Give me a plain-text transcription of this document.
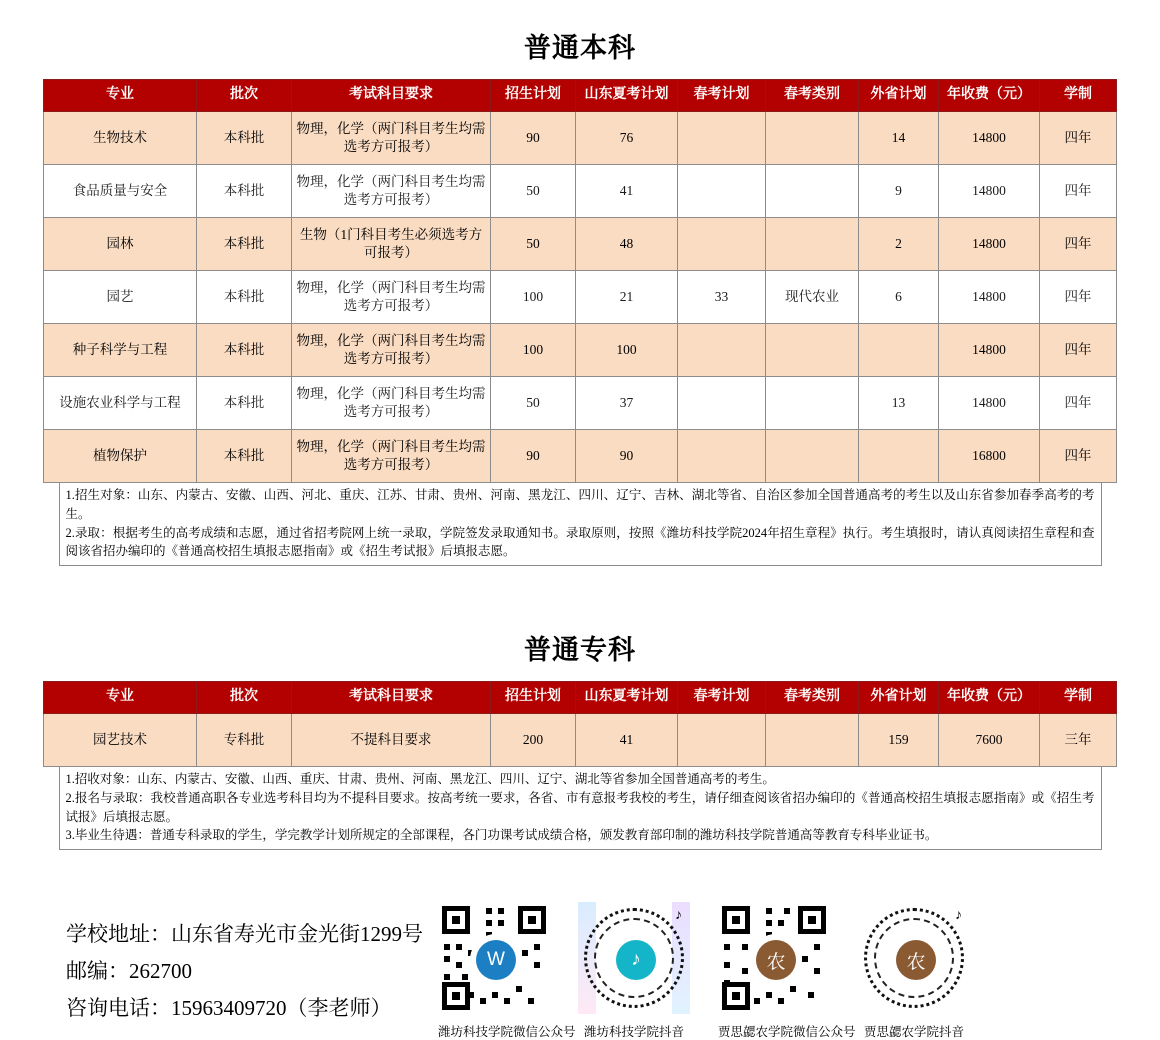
普通本科
专业	批次	考试科目要求	招生计划	山东夏考计划	春考计划	春考类别	外省计划	年收费（元）	学制
生物技术	本科批	物理，化学（两门科目考生均需选考方可报考）	90	76			14	14800	四年
食品质量与安全	本科批	物理，化学（两门科目考生均需选考方可报考）	50	41			9	14800	四年
园林	本科批	生物（1门科目考生必须选考方可报考）	50	48			2	14800	四年
园艺	本科批	物理，化学（两门科目考生均需选考方可报考）	100	21	33	现代农业	6	14800	四年
种子科学与工程	本科批	物理，化学（两门科目考生均需选考方可报考）	100	100				14800	四年
设施农业科学与工程	本科批	物理，化学（两门科目考生均需选考方可报考）	50	37			13	14800	四年
植物保护	本科批	物理，化学（两门科目考生均需选考方可报考）	90	90				16800	四年

1.招生对象：山东、内蒙古、安徽、山西、河北、重庆、江苏、甘肃、贵州、河南、黑龙江、四川、辽宁、吉林、湖北等省、自治区参加全国普通高考的考生以及山东省参加春季高考的考生。

2.录取：根据考生的高考成绩和志愿，通过省招考院网上统一录取，学院签发录取通知书。录取原则，按照《潍坊科技学院2024年招生章程》执行。考生填报时，请认真阅读招生章程和查阅该省招办编印的《普通高校招生填报志愿指南》或《招生考试报》后填报志愿。

普通专科
专业	批次	考试科目要求	招生计划	山东夏考计划	春考计划	春考类别	外省计划	年收费（元）	学制
园艺技术	专科批	不提科目要求	200	41			159	7600	三年

1.招收对象：山东、内蒙古、安徽、山西、重庆、甘肃、贵州、河南、黑龙江、四川、辽宁、湖北等省参加全国普通高考的考生。

2.报名与录取：我校普通高职各专业选考科目均为不提科目要求。按高考统一要求，各省、市有意报考我校的考生，请仔细查阅该省招办编印的《普通高校招生填报志愿指南》或《招生考试报》后填报志愿。

3.毕业生待遇：普通专科录取的学生，学完教学计划所规定的全部课程，各门功课考试成绩合格，颁发教育部印制的潍坊科技学院普通高等教育专科毕业证书。

学校地址：山东省寿光市金光街1299号
邮编：262700
咨询电话：15963409720（李老师）
W
潍坊科技学院微信公众号
♪
♪
潍坊科技学院抖音
农
贾思勰农学院微信公众号
♪
农
贾思勰农学院抖音
